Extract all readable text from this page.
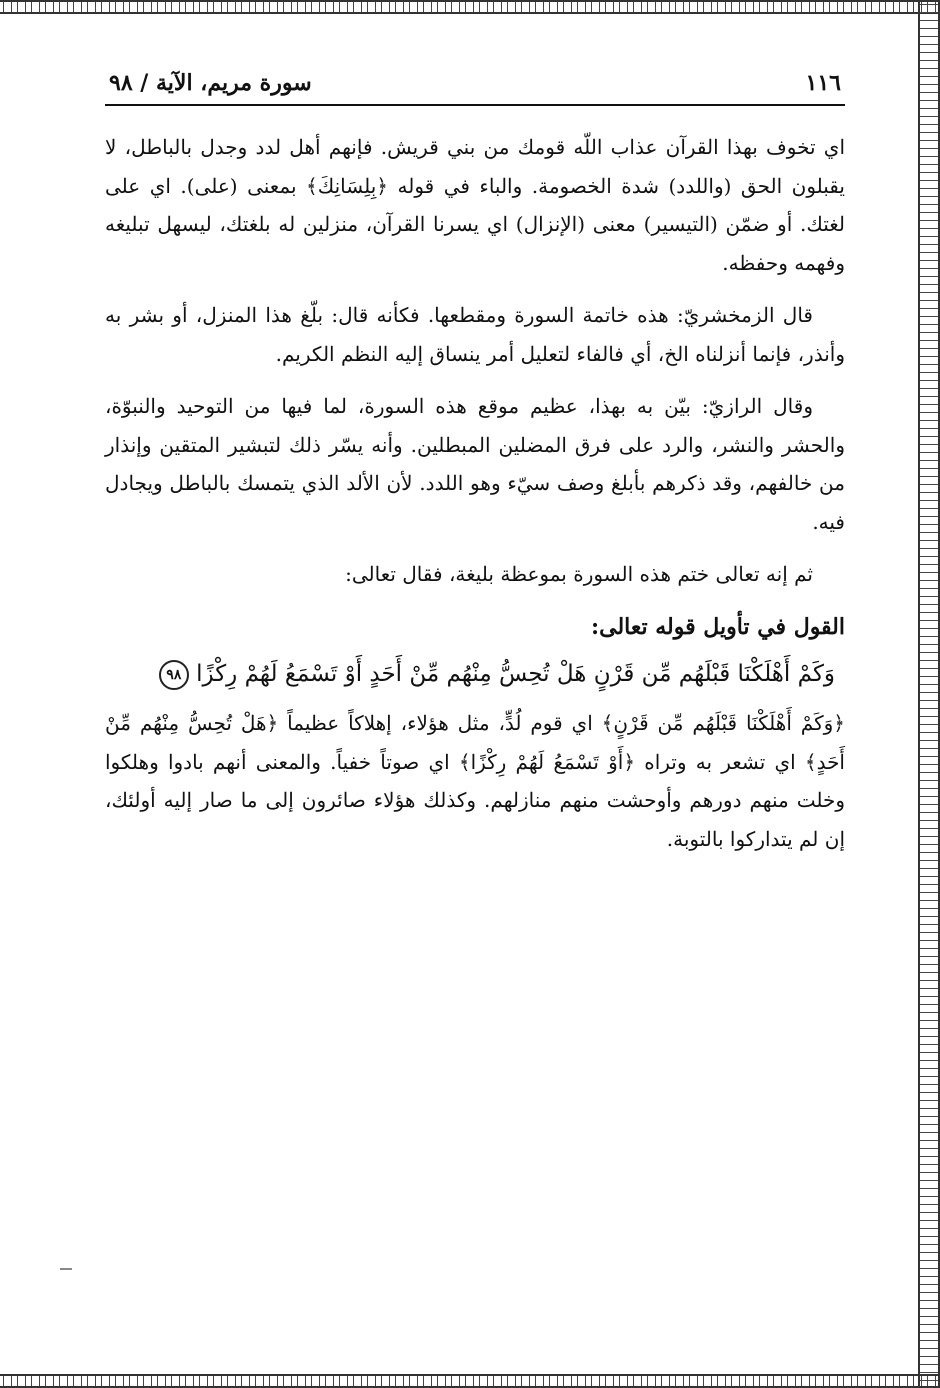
١١٦
سورة مريم، الآية / ٩٨

اي تخوف بهذا القرآن عذاب اللّه قومك من بني قريش. فإنهم أهل لدد وجدل بالباطل، لا يقبلون الحق (واللدد) شدة الخصومة. والباء في قوله ﴿بِلِسَانِكَ﴾ بمعنى (على). اي على لغتك. أو ضمّن (التيسير) معنى (الإنزال) اي يسرنا القرآن، منزلين له بلغتك، ليسهل تبليغه وفهمه وحفظه.

قال الزمخشريّ: هذه خاتمة السورة ومقطعها. فكأنه قال: بلّغ هذا المنزل، أو بشر به وأنذر، فإنما أنزلناه الخ، أي فالفاء لتعليل أمر ينساق إليه النظم الكريم.

وقال الرازيّ: بيّن به بهذا، عظيم موقع هذه السورة، لما فيها من التوحيد والنبوّة، والحشر والنشر، والرد على فرق المضلين المبطلين. وأنه يسّر ذلك لتبشير المتقين وإنذار من خالفهم، وقد ذكرهم بأبلغ وصف سيّء وهو اللدد. لأن الألد الذي يتمسك بالباطل ويجادل فيه.

ثم إنه تعالى ختم هذه السورة بموعظة بليغة، فقال تعالى:

القول في تأويل قوله تعالى:
وَكَمْ أَهْلَكْنَا قَبْلَهُم مِّن قَرْنٍ هَلْ تُحِسُّ مِنْهُم مِّنْ أَحَدٍ أَوْ تَسْمَعُ لَهُمْ رِكْزًا ٩٨

﴿وَكَمْ أَهْلَكْنَا قَبْلَهُم مِّن قَرْنٍ﴾ اي قوم لُدٍّ، مثل هؤلاء، إهلاكاً عظيماً ﴿هَلْ تُحِسُّ مِنْهُم مِّنْ أَحَدٍ﴾ اي تشعر به وتراه ﴿أَوْ تَسْمَعُ لَهُمْ رِكْزًا﴾ اي صوتاً خفياً. والمعنى أنهم بادوا وهلكوا وخلت منهم دورهم وأوحشت منهم منازلهم. وكذلك هؤلاء صائرون إلى ما صار إليه أولئك، إن لم يتداركوا بالتوبة.
